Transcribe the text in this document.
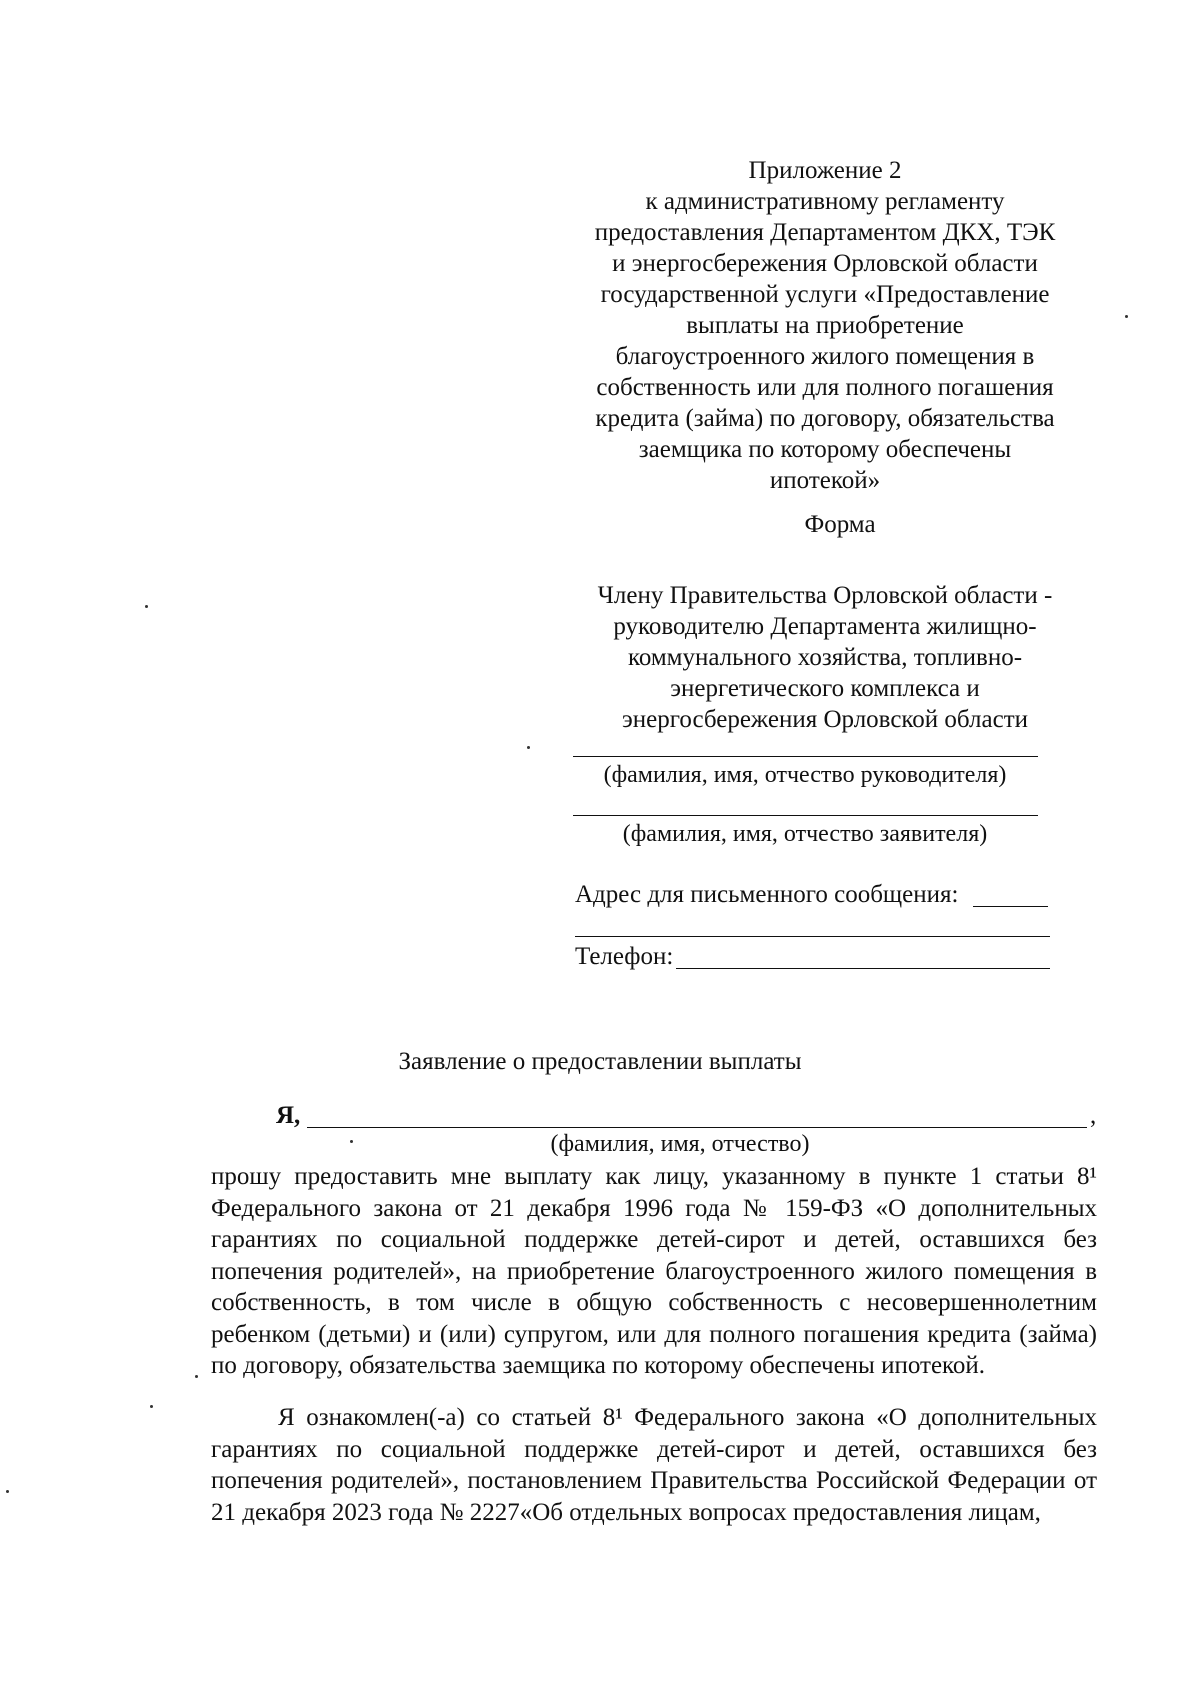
Приложение 2
к административному регламенту
предоставления Департаментом ДКХ, ТЭК
и энергосбережения Орловской области
государственной услуги «Предоставление
выплаты на приобретение
благоустроенного жилого помещения в
собственность или для полного погашения
кредита (займа) по договору, обязательства
заемщика по которому обеспечены
ипотекой»
Форма
Члену Правительства Орловской области -
руководителю Департамента жилищно-
коммунального хозяйства, топливно-
энергетического комплекса и
энергосбережения Орловской области
(фамилия, имя, отчество руководителя)
(фамилия, имя, отчество заявителя)
Адрес для письменного сообщения:
Телефон:
Заявление о предоставлении выплаты
Я,	,
(фамилия, имя, отчество)
прошу предоставить мне выплату как лицу, указанному в пункте 1 статьи 8¹ Федерального закона от 21 декабря 1996 года № 159-ФЗ «О дополнительных гарантиях по социальной поддержке детей-сирот и детей, оставшихся без попечения родителей», на приобретение благоустроенного жилого помещения в собственность, в том числе в общую собственность с несовершеннолетним ребенком (детьми) и (или) супругом, или для полного погашения кредита (займа) по договору, обязательства заемщика по которому обеспечены ипотекой.
Я ознакомлен(-а) со статьей 8¹ Федерального закона «О дополнительных гарантиях по социальной поддержке детей-сирот и детей, оставшихся без попечения родителей», постановлением Правительства Российской Федерации от 21 декабря 2023 года № 2227«Об отдельных вопросах предоставления лицам,
